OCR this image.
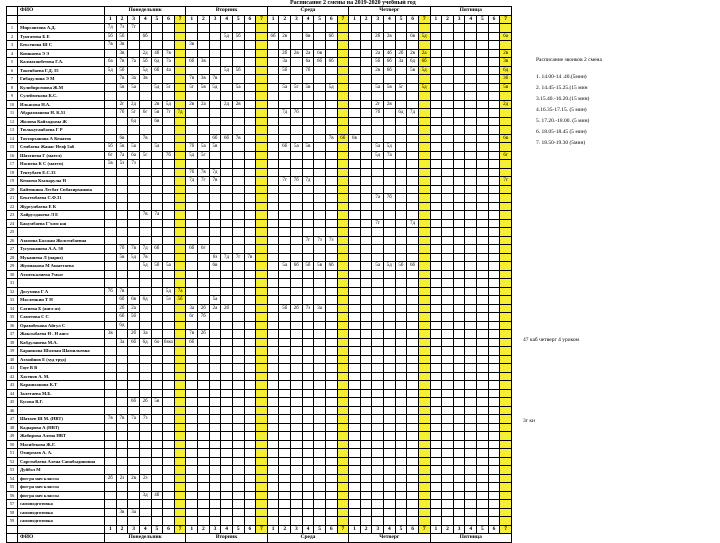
Расписание 2 смены на 2019-2020 учебный год
	ФИО	Понедельник							Вторник							Среда							Четверг							Пятница						
		1	2	3	4	5	6	7	1	2	3	4	5	6	7	1	2	3	4	5	6	7	1	2	3	4	5	6	7	1	2	3	4	5	6	7
1	Мирсаитова А.Д.	7д	7з	7г																																
2	Тунгатова Б Е	5б	5б		6б							5д	5б			6б	2в		6в		6б				2б	2в		6в	5д							6а
3	Бексенова Ш С	7в	3в						3в																											
4	Ковшаева Э Э		3в		2д	4б	7в										2б	2в	2а	6в					2а	4б	2б	2в	2а							2в
5	Калмаганбетова Г.А.	6а	7в	7а	5б	6д	7а		6б	3в							3а		6а	6б	6б				5б	6б	3а	6д	6б							3в
6	Токенбаева Г.Д. 55	5д	5б		5д	6б	4а					5д	5б				5б		7б						2в	6б		5в	5д							6д
7	Гибадулина Э М		7в	3а	3в				7в	3в	7в																									3б
8	Кулибирсенова Ж.М		5в	5а		5д	5г		5г	5в	5д		5а				5а	5г	5в		5д				5а	5в	5г		5д							5в
9	Сулеймекова К.С.																																			
10	Ильясова Н.А.		2г	2д		2в	5д		2в	2а		2д	2в												2г	2в										2д
11	Абдразманова Н. К.51		7б	5г	6г	5в	7г	7д									7д	7б							7б		6д	7д								
12	Жолова Кайхадызы Ж			6д		6в																														
13	Тюлькуганбаева Г Р																																			
14	Тохтарханова А Кенатов		6в		7в						6б	6б	7в								7в	6б	6в													6в
15	Сенбаева Жанаг Незф 5а6	5б	5в	5а		5а			7б	5а	5в						6б	5а	5в						5а	5д										
16	Шахтиева Г (мател)	6г	7а	6а	5г		7б		5д	5г															5д	7а										6г
17	Насиева К С (матем)	5в	5з	7з																																
18	Тентубаев Е.С.33								7б	7в	7д																									
19	Кенжеш Кызырулы Н								7д	7г	7в						7г	7б	7д																	7г
20	Байтикина Лесбат Сибахирханова																																			
21	Бекгембаева С.Ф.31																								7а	7б										
22	Журсунбаева Е К																																			
23	Хайрулдаяевa Л Е				7в	7а																														
24	Бакумбаева Г'хмм кш																								7г			7д								
25																																				
26	Азамова Балжан Жолсембаевна																		7г	7з	7з															
27	Тусупжанова А.А. 50		7б	7в	7д	6б			6б	6г																										
28	Мукашева Л (париз)		5в	5д	7в						6з	7д	7г	7в																						
29	Жумиакова М Ашаттаева				5д	5б	5а				6в						5а	6б	5б	5в	6б				5а	5д	5б	6б								
30	Ахметкалиева Умыт																																			
31																																				
32	Досумова Г А	7б	7в				5д	7а																												
33	Масленкин Т Н		6б	6в	6д		5з	5б			5а																									
34	Сагиева Б (англ яз)		2б	2а					3а	2б	2а	2б					5б	2б	7з	3а																
35	Саметова С С		6б	5б					6г	7б																										
36	Оразибекова Айгул С		6д																																	
37	Жаксыбаева Н . Н англ	3в		2б	3а				7в	2б																										
38	Кабдулаиева М.А.		3а	6б	6д	6о	6зко		6б																											
39	Бараикова Шолпан Шамильевна																																			
40	Ахмойнов Е (худ труд)																																			
41	Гауе В В																																			
42	Хасенов А. М.																																			
43	Карашханова К.Т																																			
44	Залетаева М.Б.																																			
45	Бусова В.Г.			6б	2б	5в																														
46																																				
47	Шатаев Ш М. (НВТ)	7в	7в	7а	7з																															
48	Кадырова А (НВТ)																																			
49	Жабирова Алена НВТ																																			
50	Масибекова Ж.Г.																																			
51	Омиртаев А. А.																																			
52	Сарсенбаева Алена Сапабыдиновна																																			
53	Дуйбол М																																			
54	физ-ра нач классы	2б	2з	2в	2з																															
55	физ-ра нач классы																																			
56	физ-ра нач классы				3д	4б																														
57	самоподготовка																																			
58	самоподготовка		3в	3а																																
59	самоподготовка																																			
		1	2	3	4	5	6	7	1	2	3	4	5	6	7	1	2	3	4	5	6	7	1	2	3	4	5	6	7	1	2	3	4	5	6	7
	ФИО	Понедельник							Вторник							Среда							Четверг							Пятница						
Расписание звонков 2 смена
1. 14.00-14 .40.(5мин)
2. 14.45-15.25.(15 мин
3.15.40.-16.20.(15 мин)
4.16.35-17.15. (5 мин)
5. 17.20.-18.00. (5 мин)
6. 18.05-18.45 (5 мин)
7. 18.50-19.30 (5мин)
47 каб четверг 4 уроком
3г кн
